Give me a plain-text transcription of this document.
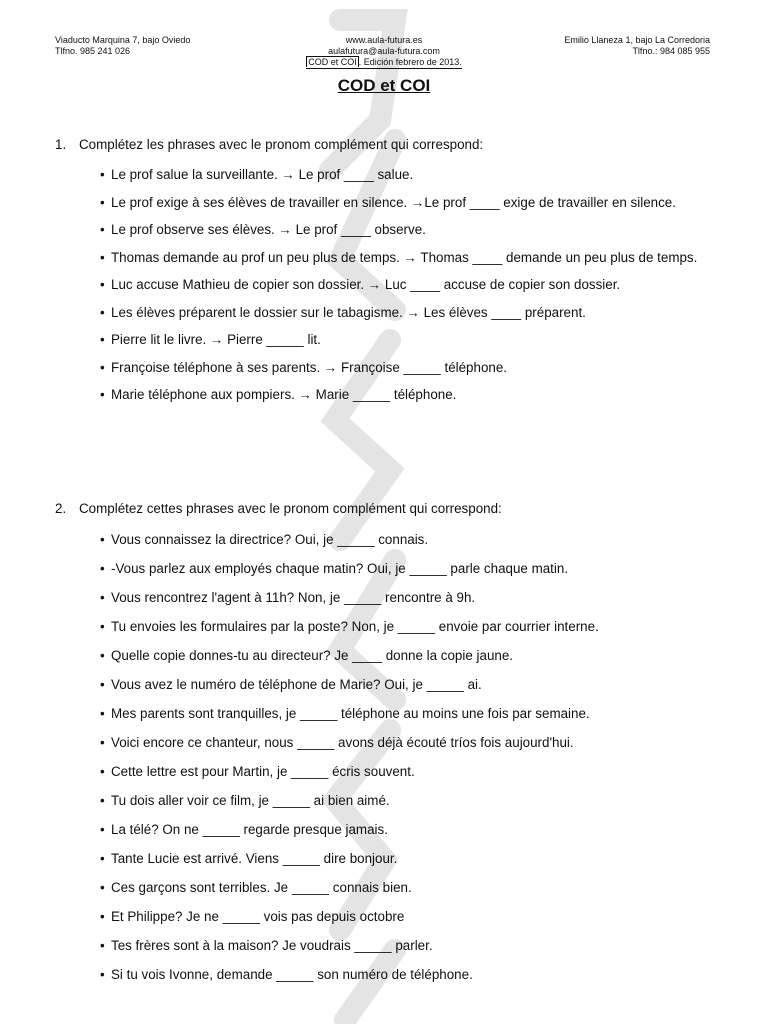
Viaducto Marquina 7, bajo Oviedo
Tlfno. 985 241 026
www.aula-futura.es
aulafutura@aula-futura.com
COD et COI . Edición febrero de 2013.
Emilio Llaneza 1, bajo La Corredoria
Tlfno.: 984 085 955
COD et COI
1. Complétez les phrases avec le pronom complément qui correspond:
• Le prof salue la surveillante. → Le prof ____ salue.
• Le prof exige à ses élèves de travailler en silence. →Le prof ____ exige de travailler en silence.
• Le prof observe ses élèves. → Le prof ____ observe.
• Thomas demande au prof un peu plus de temps. → Thomas ____ demande un peu plus de temps.
• Luc accuse Mathieu de copier son dossier. → Luc ____ accuse de copier son dossier.
• Les élèves préparent le dossier sur le tabagisme. → Les élèves ____ préparent.
• Pierre lit le livre. → Pierre _____ lit.
• Françoise téléphone à ses parents. → Françoise _____ téléphone.
• Marie téléphone aux pompiers. → Marie _____ téléphone.
2. Complétez cettes phrases avec le pronom complément qui correspond:
• Vous connaissez la directrice? Oui, je _____ connais.
• -Vous parlez aux employés chaque matin? Oui, je _____ parle chaque matin.
• Vous rencontrez l'agent à 11h? Non, je _____ rencontre à 9h.
• Tu envoies les formulaires par la poste? Non, je _____ envoie par courrier interne.
• Quelle copie donnes-tu au directeur? Je ____ donne la copie jaune.
• Vous avez le numéro de téléphone de Marie? Oui, je _____ ai.
• Mes parents sont tranquilles, je _____ téléphone au moins une fois par semaine.
• Voici encore ce chanteur, nous _____ avons déjà écouté tríos fois aujourd'hui.
• Cette lettre est pour Martin, je _____ écris souvent.
• Tu dois aller voir ce film, je _____ ai bien aimé.
• La télé? On ne _____ regarde presque jamais.
• Tante Lucie est arrivé. Viens _____ dire bonjour.
• Ces garçons sont terribles. Je _____ connais bien.
• Et Philippe? Je ne _____ vois pas depuis octobre
• Tes frères sont à la maison? Je voudrais _____ parler.
• Si tu vois Ivonne, demande _____ son numéro de téléphone.
